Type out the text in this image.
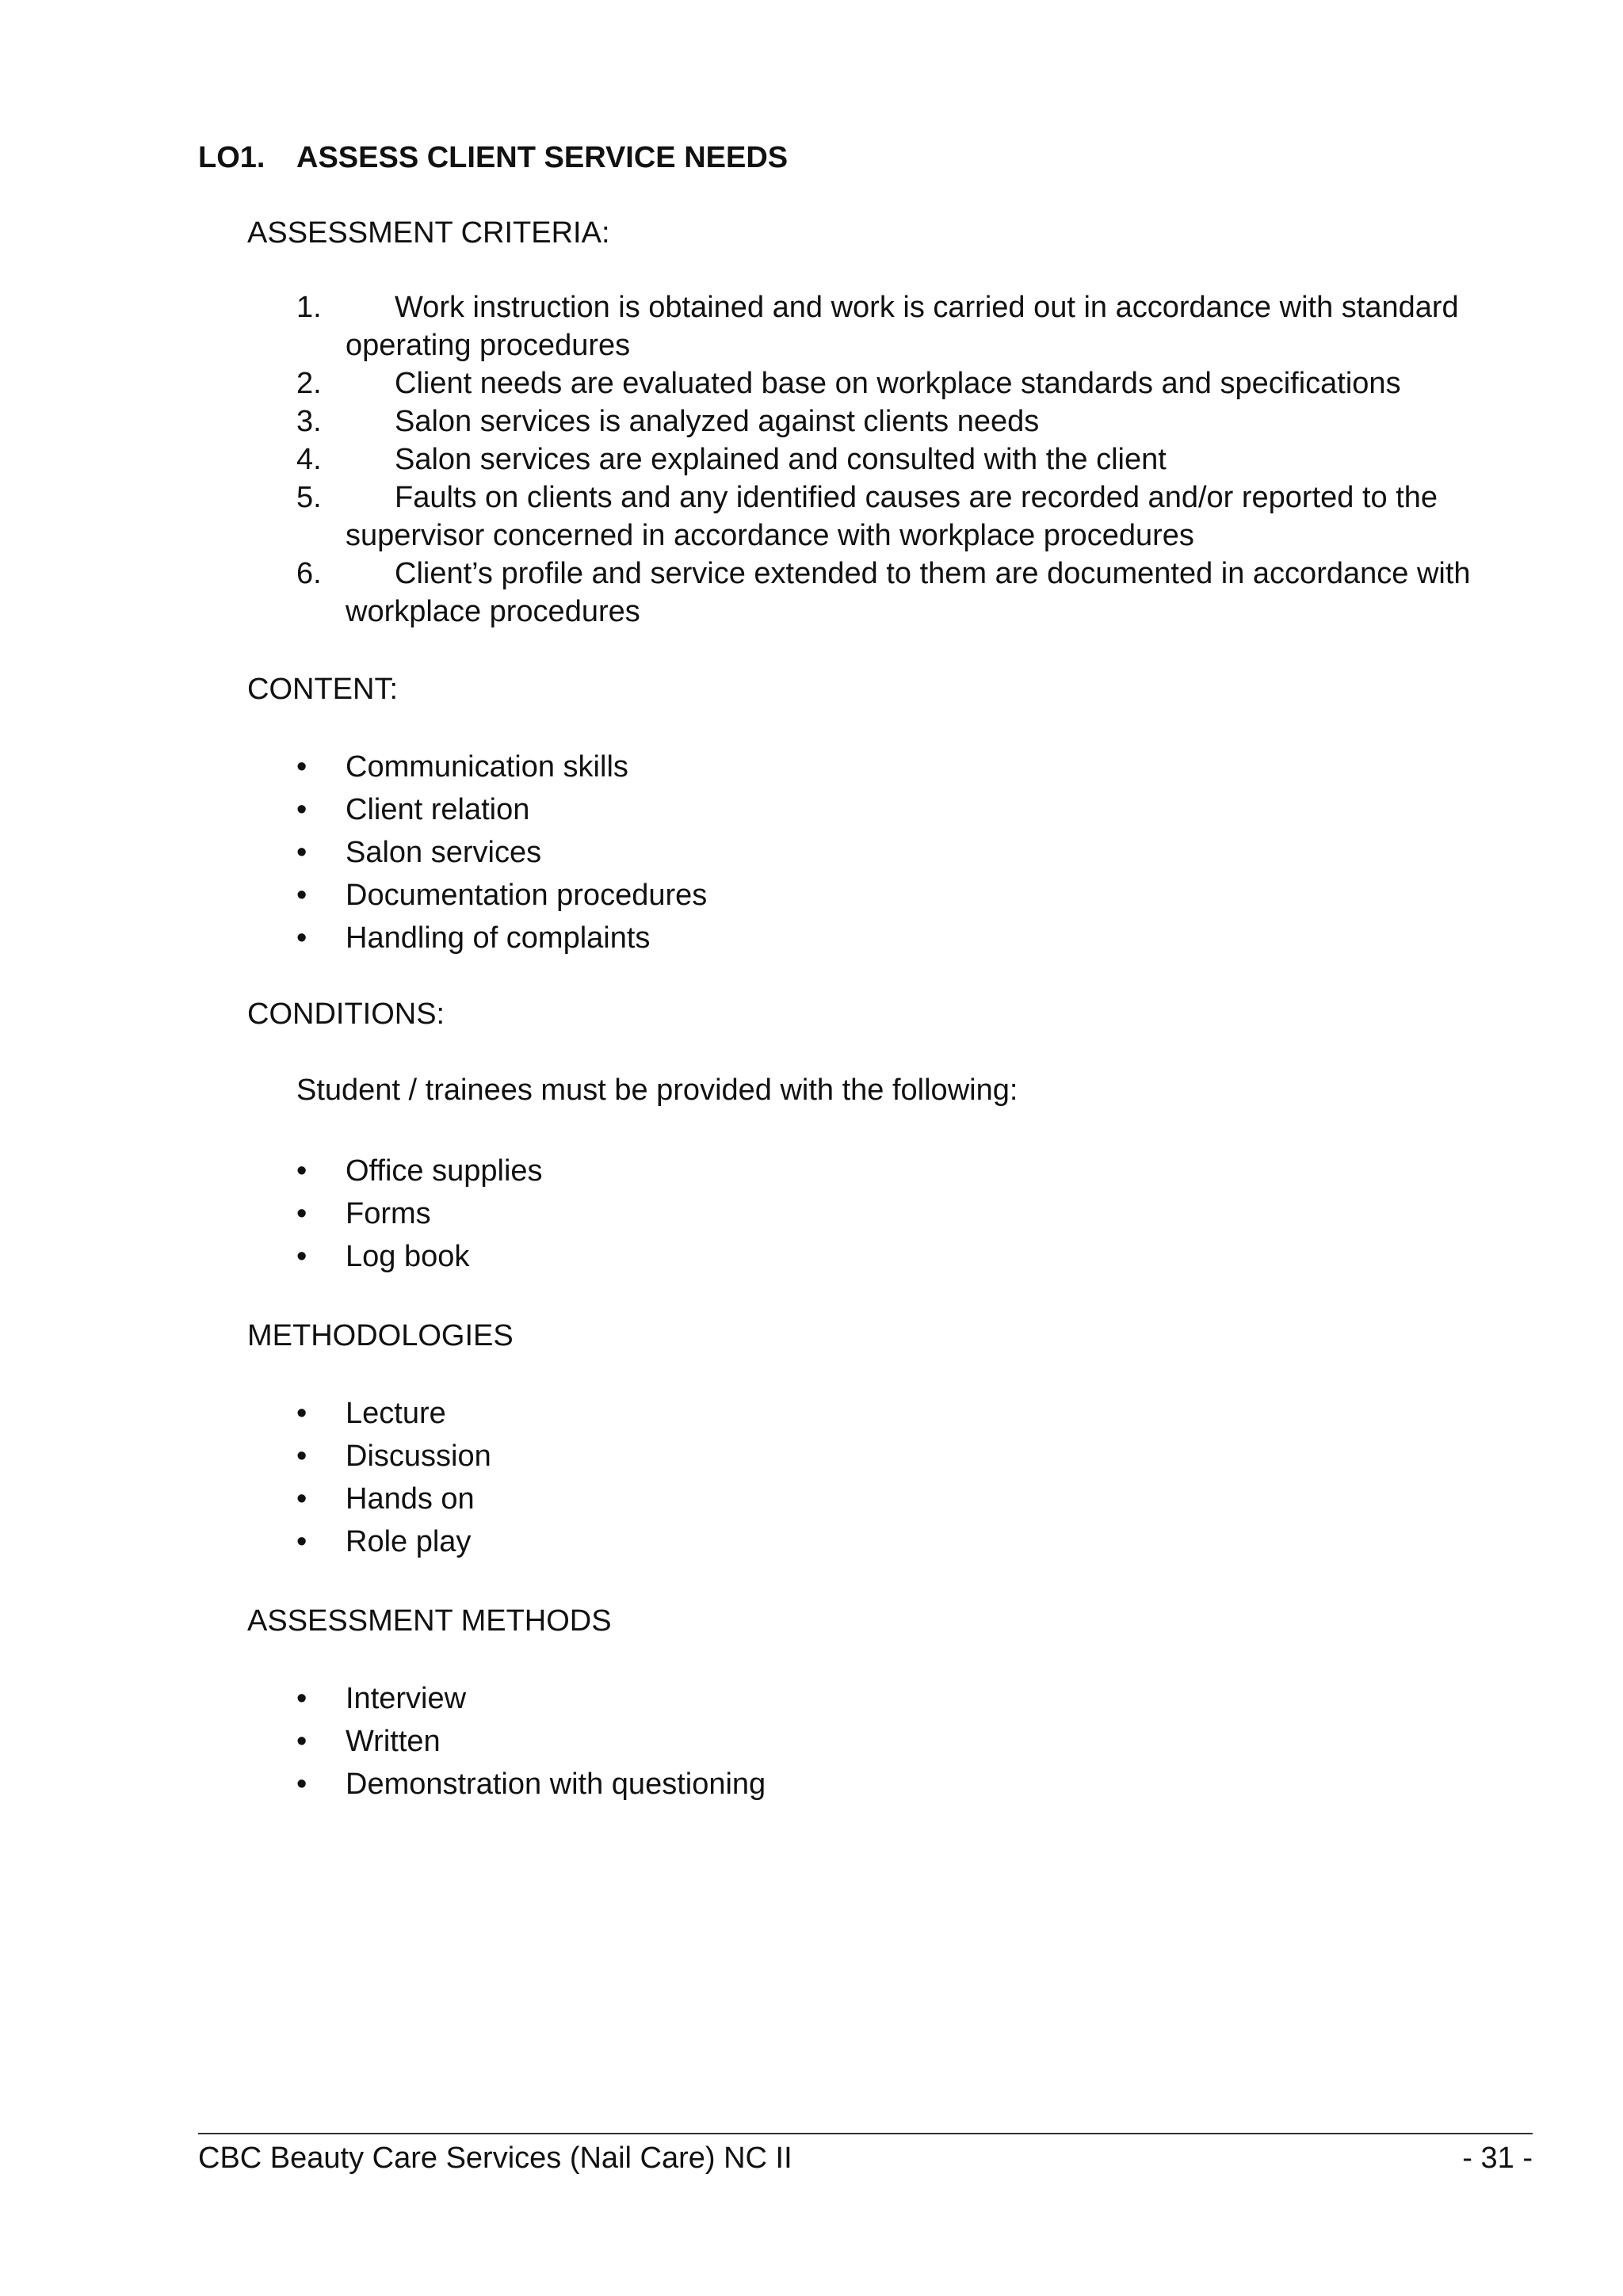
LO1. ASSESS CLIENT SERVICE NEEDS
ASSESSMENT CRITERIA:
1. Work instruction is obtained and work is carried out in accordance with standard operating procedures
2. Client needs are evaluated base on workplace standards and specifications
3. Salon services is analyzed against clients needs
4. Salon services are explained and consulted with the client
5. Faults on clients and any identified causes are recorded and/or reported to the supervisor concerned in accordance with workplace procedures
6. Client’s profile and service extended to them are documented in accordance with workplace procedures
CONTENT:
•	Communication skills
•	Client relation
•	Salon services
•	Documentation procedures
•	Handling of complaints
CONDITIONS:
Student / trainees must be provided with the following:
•	Office supplies
•	Forms
•	Log book
METHODOLOGIES
•	Lecture
•	Discussion
•	Hands on
•	Role play
ASSESSMENT METHODS
•	Interview
•	Written
•	Demonstration with questioning
CBC Beauty Care Services (Nail Care) NC II	- 31 -
